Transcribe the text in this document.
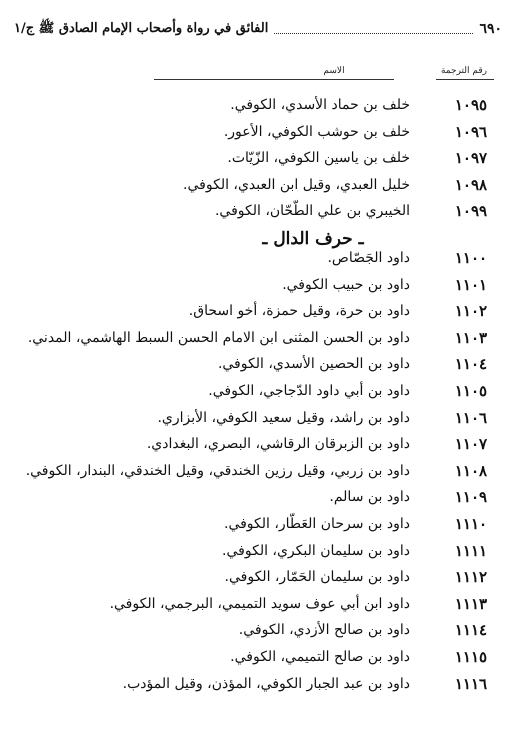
٦٩٠
الفائق في رواة وأصحاب الإمام الصادق ﷺ ج/١
رقم الترجمة
الاسم
١٠٩٥
خلف بن حماد الأسدي، الكوفي.
١٠٩٦
خلف بن حوشب الكوفي، الأعور.
١٠٩٧
خلف بن ياسين الكوفي، الزّيّات.
١٠٩٨
خليل العبدي، وقيل ابن العبدي، الكوفي.
١٠٩٩
الخيبري بن علي الطّحّان، الكوفي.
ـ حرف الدال ـ
١١٠٠
داود الجَصّاص.
١١٠١
داود بن حبيب الكوفي.
١١٠٢
داود بن حرة، وقيل حمزة، أخو اسحاق.
١١٠٣
داود بن الحسن المثنى ابن الامام الحسن السبط الهاشمي، المدني.
١١٠٤
داود بن الحصين الأسدي، الكوفي.
١١٠٥
داود بن أبي داود الدّجاجي، الكوفي.
١١٠٦
داود بن راشد، وقيل سعيد الكوفي، الأبزاري.
١١٠٧
داود بن الزبرقان الرقاشي، البصري، البغدادي.
١١٠٨
داود بن زربي، وقيل رزين الخندقي، وقيل الخندقي، البندار، الكوفي.
١١٠٩
داود بن سالم.
١١١٠
داود بن سرحان العَطّار، الكوفي.
١١١١
داود بن سليمان البكري، الكوفي.
١١١٢
داود بن سليمان الحَمّار، الكوفي.
١١١٣
داود ابن أبي عوف سويد التميمي، البرجمي، الكوفي.
١١١٤
داود بن صالح الأزدي، الكوفي.
١١١٥
داود بن صالح التميمي، الكوفي.
١١١٦
داود بن عبد الجبار الكوفي، المؤذن، وقيل المؤدب.
